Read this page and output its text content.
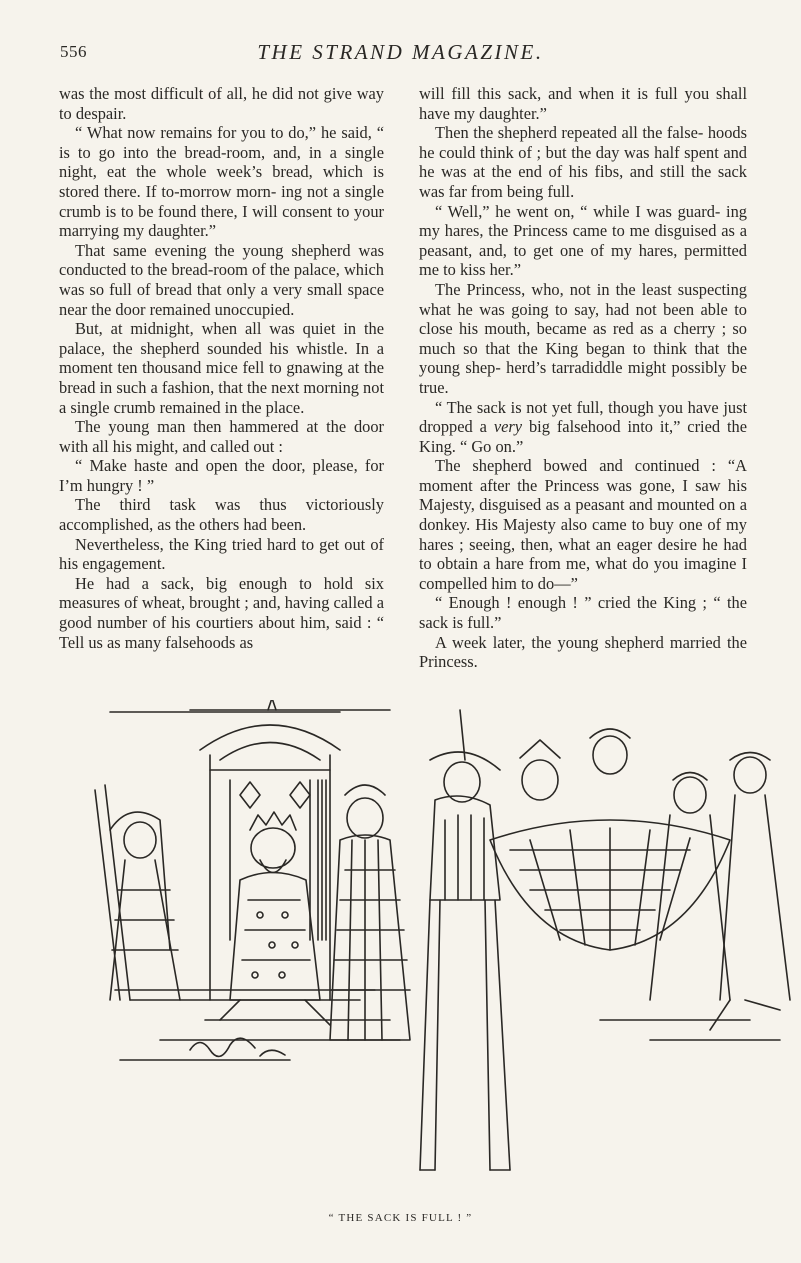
556	THE STRAND MAGAZINE.

was the most difficult of all, he did not give way to despair.

“ What now remains for you to do,” he said, “ is to go into the bread-room, and, in a single night, eat the whole week’s bread, which is stored there. If to-morrow morn- ing not a single crumb is to be found there, I will consent to your marrying my daughter.”

That same evening the young shepherd was conducted to the bread-room of the palace, which was so full of bread that only a very small space near the door remained unoccupied.

But, at midnight, when all was quiet in the palace, the shepherd sounded his whistle. In a moment ten thousand mice fell to gnawing at the bread in such a fashion, that the next morning not a single crumb remained in the place.

The young man then hammered at the door with all his might, and called out :

“ Make haste and open the door, please, for I’m hungry ! ”

The third task was thus victoriously accomplished, as the others had been.

Nevertheless, the King tried hard to get out of his engagement.

He had a sack, big enough to hold six measures of wheat, brought ; and, having called a good number of his courtiers about him, said : “ Tell us as many falsehoods as

will fill this sack, and when it is full you shall have my daughter.”

Then the shepherd repeated all the false- hoods he could think of ; but the day was half spent and he was at the end of his fibs, and still the sack was far from being full.

“ Well,” he went on, “ while I was guard- ing my hares, the Princess came to me disguised as a peasant, and, to get one of my hares, permitted me to kiss her.”

The Princess, who, not in the least suspecting what he was going to say, had not been able to close his mouth, became as red as a cherry ; so much so that the King began to think that the young shep- herd’s tarradiddle might possibly be true.

“ The sack is not yet full, though you have just dropped a very big falsehood into it,” cried the King. “ Go on.”

The shepherd bowed and continued : “A moment after the Princess was gone, I saw his Majesty, disguised as a peasant and mounted on a donkey. His Majesty also came to buy one of my hares ; seeing, then, what an eager desire he had to obtain a hare from me, what do you imagine I compelled him to do—”

“ Enough ! enough ! ” cried the King ; “ the sack is full.”

A week later, the young shepherd married the Princess.

“ THE SACK IS FULL ! ”
